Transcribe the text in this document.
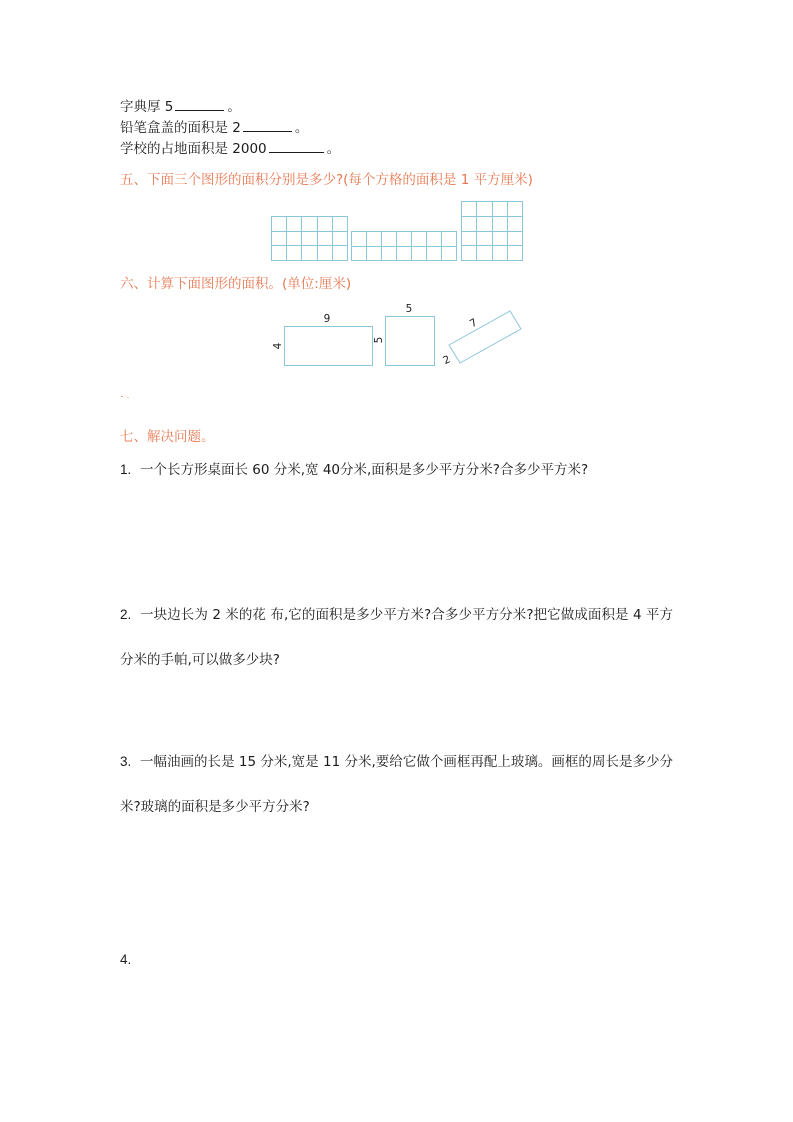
字典厚 5	。
铅笔盒盖的面积是 2	。
学校的占地面积是 2000	。
五、下面三个图形的面积分别是多少?(每个方格的面积是 1 平方厘米)
六、计算下面图形的面积。(单位:厘米)
9
4
5
5
7
2
七、解决问题。
1. 一个长方形桌面长 60 分米,宽 40分米,面积是多少平方分米?合多少平方米?
2. 一块边长为 2 米的花 布,它的面积是多少平方米?合多少平方分米?把它做成面积是 4 平方
分米的手帕,可以做多少块?
3. 一幅油画的长是 15 分米,宽是 11 分米,要给它做个画框再配上玻璃。画框的周长是多少分
米?玻璃的面积是多少平方分米?
4.
